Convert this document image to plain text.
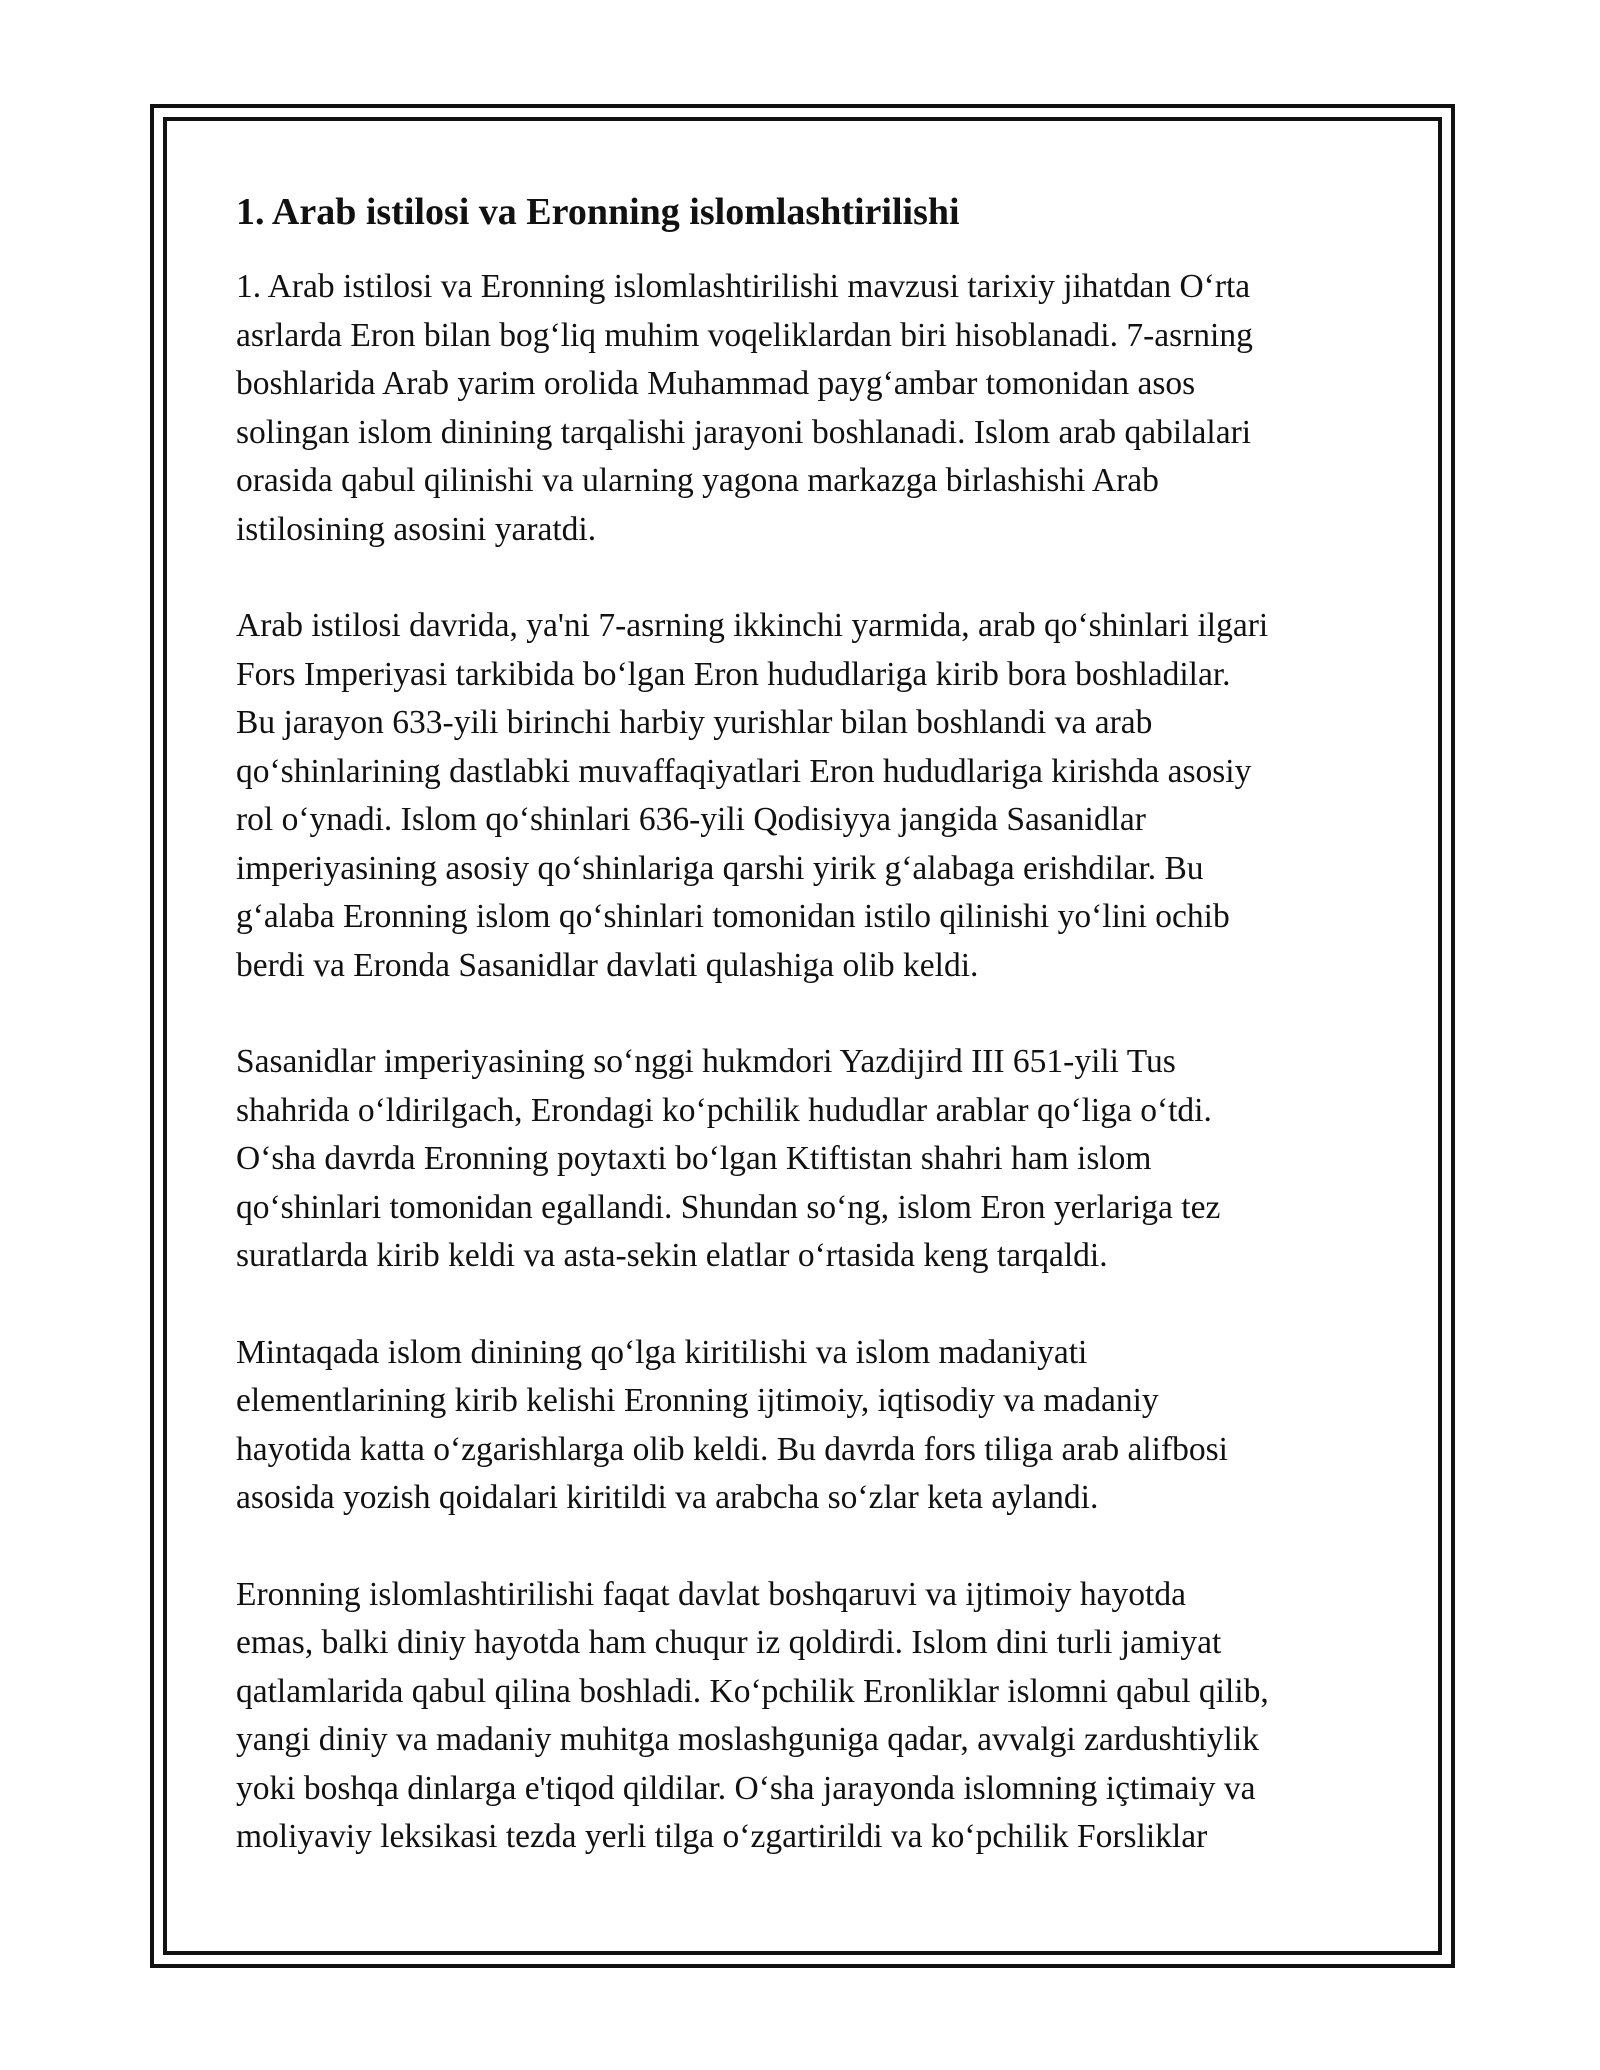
1. Arab istilosi va Eronning islomlashtirilishi

1. Arab istilosi va Eronning islomlashtirilishi mavzusi tarixiy jihatdan O‘rta
asrlarda Eron bilan bog‘liq muhim voqeliklardan biri hisoblanadi. 7-asrning
boshlarida Arab yarim orolida Muhammad payg‘ambar tomonidan asos
solingan islom dinining tarqalishi jarayoni boshlanadi. Islom arab qabilalari
orasida qabul qilinishi va ularning yagona markazga birlashishi Arab
istilosining asosini yaratdi.

Arab istilosi davrida, ya'ni 7-asrning ikkinchi yarmida, arab qo‘shinlari ilgari
Fors Imperiyasi tarkibida bo‘lgan Eron hududlariga kirib bora boshladilar.
Bu jarayon 633-yili birinchi harbiy yurishlar bilan boshlandi va arab
qo‘shinlarining dastlabki muvaffaqiyatlari Eron hududlariga kirishda asosiy
rol o‘ynadi. Islom qo‘shinlari 636-yili Qodisiyya jangida Sasanidlar
imperiyasining asosiy qo‘shinlariga qarshi yirik g‘alabaga erishdilar. Bu
g‘alaba Eronning islom qo‘shinlari tomonidan istilo qilinishi yo‘lini ochib
berdi va Eronda Sasanidlar davlati qulashiga olib keldi.

Sasanidlar imperiyasining so‘nggi hukmdori Yazdijird III 651-yili Tus
shahrida o‘ldirilgach, Erondagi ko‘pchilik hududlar arablar qo‘liga o‘tdi.
O‘sha davrda Eronning poytaxti bo‘lgan Ktiftistan shahri ham islom
qo‘shinlari tomonidan egallandi. Shundan so‘ng, islom Eron yerlariga tez
suratlarda kirib keldi va asta-sekin elatlar o‘rtasida keng tarqaldi.

Mintaqada islom dinining qo‘lga kiritilishi va islom madaniyati
elementlarining kirib kelishi Eronning ijtimoiy, iqtisodiy va madaniy
hayotida katta o‘zgarishlarga olib keldi. Bu davrda fors tiliga arab alifbosi
asosida yozish qoidalari kiritildi va arabcha so‘zlar keta aylandi.

Eronning islomlashtirilishi faqat davlat boshqaruvi va ijtimoiy hayotda
emas, balki diniy hayotda ham chuqur iz qoldirdi. Islom dini turli jamiyat
qatlamlarida qabul qilina boshladi. Ko‘pchilik Eronliklar islomni qabul qilib,
yangi diniy va madaniy muhitga moslashguniga qadar, avvalgi zardushtiylik
yoki boshqa dinlarga e'tiqod qildilar. O‘sha jarayonda islomning içtimaiy va
moliyaviy leksikasi tezda yerli tilga o‘zgartirildi va ko‘pchilik Forsliklar
